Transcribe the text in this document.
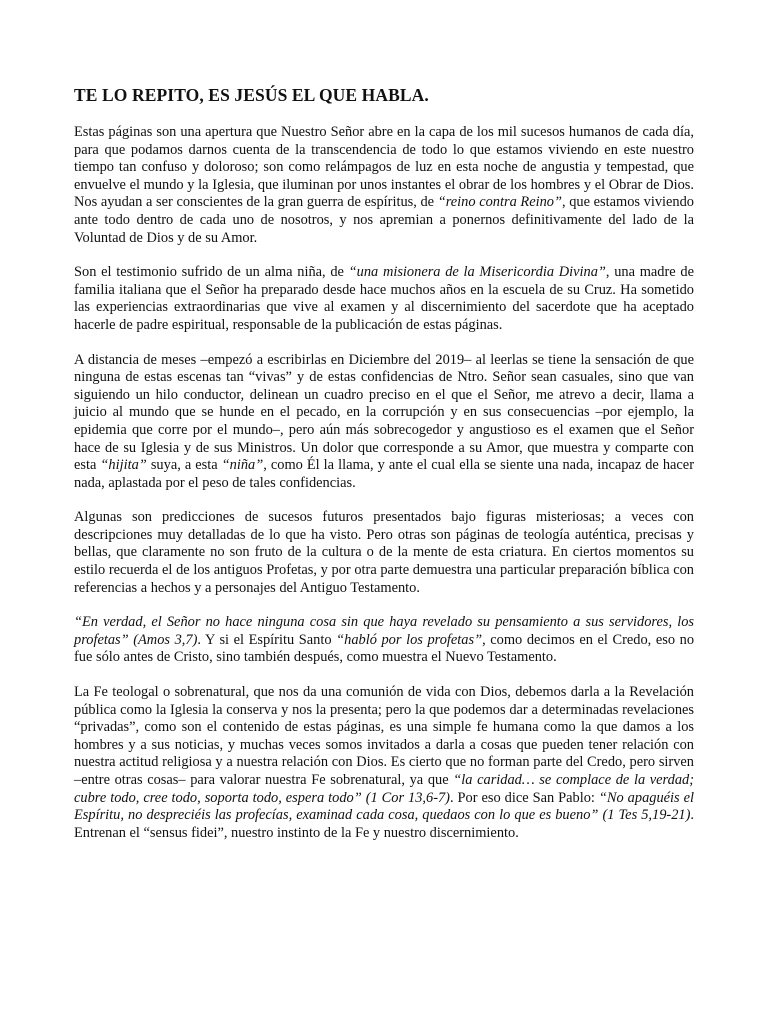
TE LO REPITO, ES JESÚS EL QUE HABLA.

Estas páginas son una apertura que Nuestro Señor abre en la capa de los mil sucesos humanos de cada día, para que podamos darnos cuenta de la transcendencia de todo lo que estamos viviendo en este nuestro tiempo tan confuso y doloroso; son como relámpagos de luz en esta noche de angustia y tempestad, que envuelve el mundo y la Iglesia, que iluminan por unos instantes el obrar de los hombres y el Obrar de Dios. Nos ayudan a ser conscientes de la gran guerra de espíritus, de “reino contra Reino”, que estamos viviendo ante todo dentro de cada uno de nosotros, y nos apremian a ponernos definitivamente del lado de la Voluntad de Dios y de su Amor.

Son el testimonio sufrido de un alma niña, de “una misionera de la Misericordia Divina”, una madre de familia italiana que el Señor ha preparado desde hace muchos años en la escuela de su Cruz. Ha sometido las experiencias extraordinarias que vive al examen y al discernimiento del sacerdote que ha aceptado hacerle de padre espiritual, responsable de la publicación de estas páginas.

A distancia de meses –empezó a escribirlas en Diciembre del 2019– al leerlas se tiene la sensación de que ninguna de estas escenas tan “vivas” y de estas confidencias de Ntro. Señor sean casuales, sino que van siguiendo un hilo conductor, delinean un cuadro preciso en el que el Señor, me atrevo a decir, llama a juicio al mundo que se hunde en el pecado, en la corrupción y en sus consecuencias –por ejemplo, la epidemia que corre por el mundo–, pero aún más sobrecogedor y angustioso es el examen que el Señor hace de su Iglesia y de sus Ministros. Un dolor que corresponde a su Amor, que muestra y comparte con esta “hijita” suya, a esta “niña”, como Él la llama, y ante el cual ella se siente una nada, incapaz de hacer nada, aplastada por el peso de tales confidencias.

Algunas son predicciones de sucesos futuros presentados bajo figuras misteriosas; a veces con descripciones muy detalladas de lo que ha visto. Pero otras son páginas de teología auténtica, precisas y bellas, que claramente no son fruto de la cultura o de la mente de esta criatura. En ciertos momentos su estilo recuerda el de los antiguos Profetas, y por otra parte demuestra una particular preparación bíblica con referencias a hechos y a personajes del Antiguo Testamento.

“En verdad, el Señor no hace ninguna cosa sin que haya revelado su pensamiento a sus servidores, los profetas” (Amos 3,7). Y si el Espíritu Santo “habló por los profetas”, como decimos en el Credo, eso no fue sólo antes de Cristo, sino también después, como muestra el Nuevo Testamento.

La Fe teologal o sobrenatural, que nos da una comunión de vida con Dios, debemos darla a la Revelación pública como la Iglesia la conserva y nos la presenta; pero la que podemos dar a determinadas revelaciones “privadas”, como son el contenido de estas páginas, es una simple fe humana como la que damos a los hombres y a sus noticias, y muchas veces somos invitados a darla a cosas que pueden tener relación con nuestra actitud religiosa y a nuestra relación con Dios. Es cierto que no forman parte del Credo, pero sirven –entre otras cosas– para valorar nuestra Fe sobrenatural, ya que “la caridad… se complace de la verdad; cubre todo, cree todo, soporta todo, espera todo” (1 Cor 13,6-7). Por eso dice San Pablo: “No apaguéis el Espíritu, no despreciéis las profecías, examinad cada cosa, quedaos con lo que es bueno” (1 Tes 5,19-21). Entrenan el “sensus fidei”, nuestro instinto de la Fe y nuestro discernimiento.
